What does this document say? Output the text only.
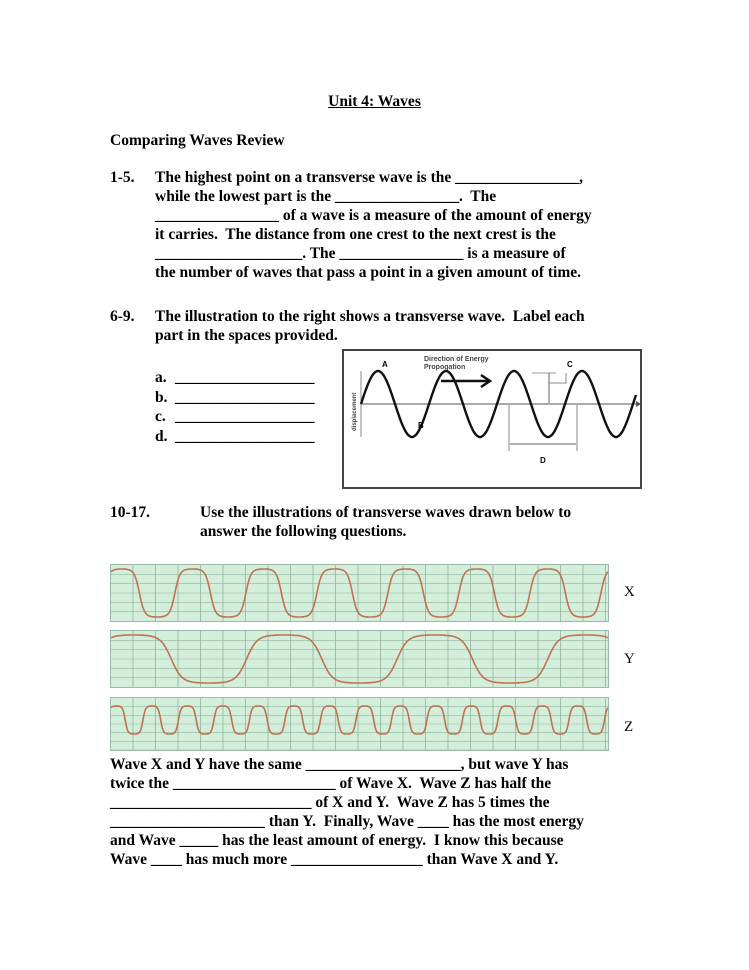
Unit 4: Waves
Comparing Waves Review
1-5. The highest point on a transverse wave is the ________________,
while the lowest part is the ________________.  The
________________ of a wave is a measure of the amount of energy
it carries.  The distance from one crest to the next crest is the
___________________. The ________________ is a measure of
the number of waves that pass a point in a given amount of time.
6-9. The illustration to the right shows a transverse wave.  Label each
part in the spaces provided.
a. __________________
b. __________________
c. __________________
d. __________________
A
B
C
D
Direction of Energy
Propogation
displacement
10-17.	Use the illustrations of transverse waves drawn below to
answer the following questions.
X
Y
Z
Wave X and Y have the same ____________________, but wave Y has
twice the _____________________ of Wave X.  Wave Z has half the
__________________________ of X and Y.  Wave Z has 5 times the
____________________ than Y.  Finally, Wave ____ has the most energy
and Wave _____ has the least amount of energy.  I know this because
Wave ____ has much more _________________ than Wave X and Y.
